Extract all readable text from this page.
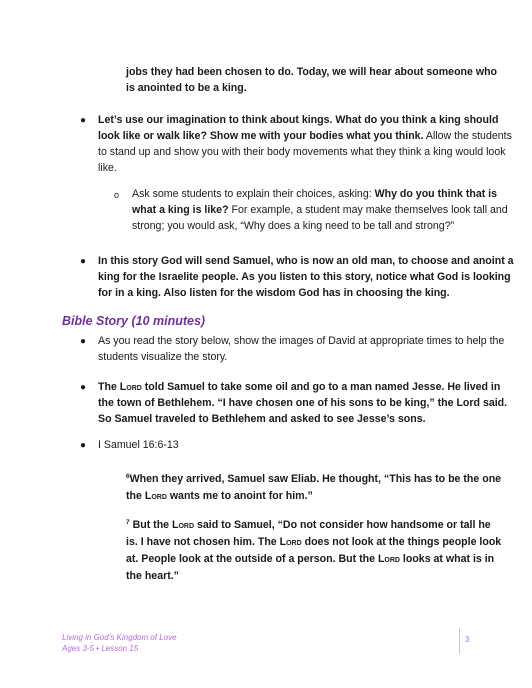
jobs they had been chosen to do. Today, we will hear about someone who
is anointed to be a king.
● Let’s use our imagination to think about kings. What do you think a king should
look like or walk like? Show me with your bodies what you think. Allow the students
to stand up and show you with their body movements what they think a king would look
like.
o Ask some students to explain their choices, asking: Why do you think that is
what a king is like? For example, a student may make themselves look tall and
strong; you would ask, “Why does a king need to be tall and strong?”
● In this story God will send Samuel, who is now an old man, to choose and anoint a
king for the Israelite people. As you listen to this story, notice what God is looking
for in a king. Also listen for the wisdom God has in choosing the king.
Bible Story (10 minutes)
● As you read the story below, show the images of David at appropriate times to help the
students visualize the story.
● The Lord told Samuel to take some oil and go to a man named Jesse. He lived in
the town of Bethlehem. “I have chosen one of his sons to be king,” the Lord said.
So Samuel traveled to Bethlehem and asked to see Jesse’s sons.
● I Samuel 16:6-13
$^6$When they arrived, Samuel saw Eliab. He thought, “This has to be the one
the Lord wants me to anoint for him.”
$^7$ But the Lord said to Samuel, “Do not consider how handsome or tall he
is. I have not chosen him. The Lord does not look at the things people look
at. People look at the outside of a person. But the Lord looks at what is in
the heart.”
Living in God’s Kingdom of Love
Ages 3-5 • Lesson 15
3
